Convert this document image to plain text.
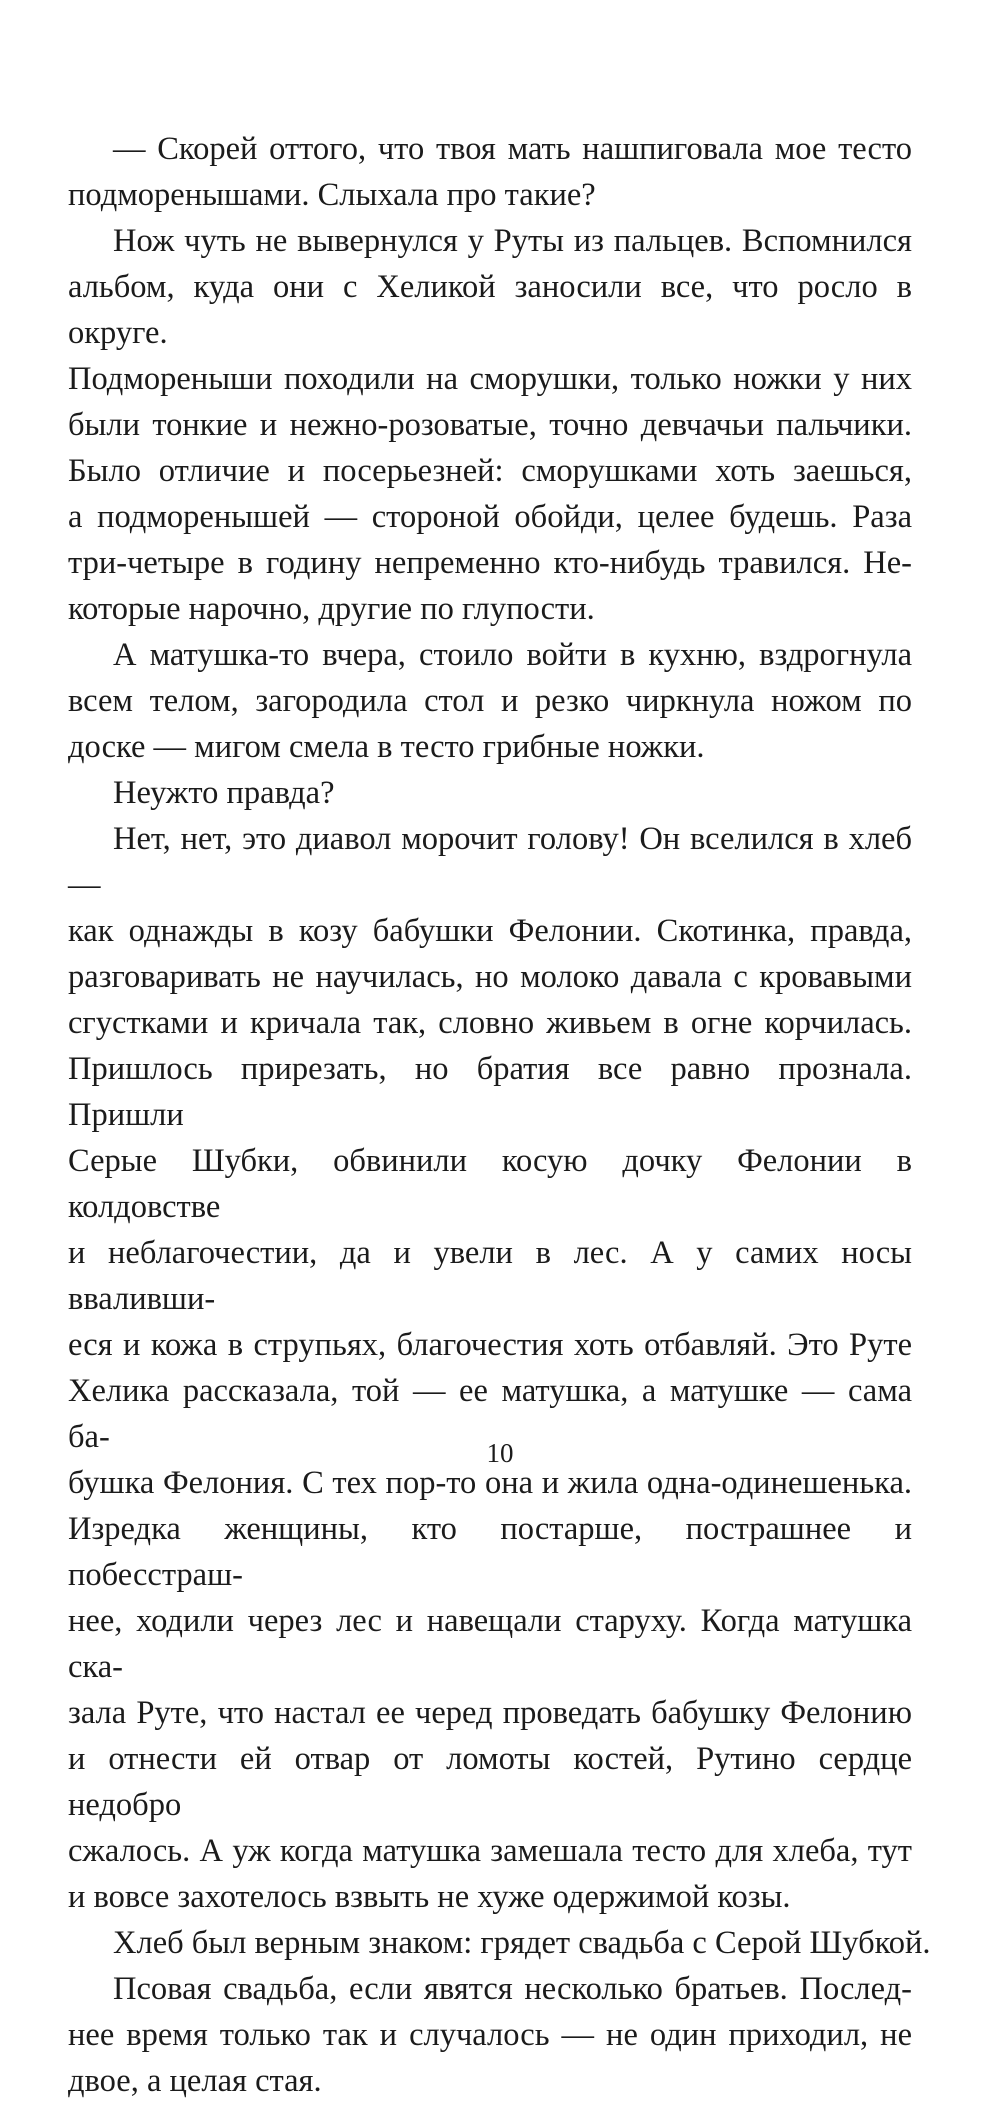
— Скорей оттого, что твоя мать нашпиговала мое тесто
подморенышами. Слыхала про такие?
Нож чуть не вывернулся у Руты из пальцев. Вспомнился
альбом, куда они с Хеликой заносили все, что росло в округе.
Подмореныши походили на сморушки, только ножки у них
были тонкие и нежно-розоватые, точно девчачьи пальчики.
Было отличие и посерьезней: сморушками хоть заешься,
а подморенышей — стороной обойди, целее будешь. Раза
три-четыре в годину непременно кто-нибудь травился. Не-
которые нарочно, другие по глупости.
А матушка-то вчера, стоило войти в кухню, вздрогнула
всем телом, загородила стол и резко чиркнула ножом по
доске — мигом смела в тесто грибные ножки.
Неужто правда?
Нет, нет, это диавол морочит голову! Он вселился в хлеб —
как однажды в козу бабушки Фелонии. Скотинка, правда,
разговаривать не научилась, но молоко давала с кровавыми
сгустками и кричала так, словно живьем в огне корчилась.
Пришлось прирезать, но братия все равно прознала. Пришли
Серые Шубки, обвинили косую дочку Фелонии в колдовстве
и неблагочестии, да и увели в лес. А у самих носы вваливши-
еся и кожа в струпьях, благочестия хоть отбавляй. Это Руте
Хелика рассказала, той — ее матушка, а матушке — сама ба-
бушка Фелония. С тех пор-то она и жила одна-одинешенька.
Изредка женщины, кто постарше, пострашнее и побесстраш-
нее, ходили через лес и навещали старуху. Когда матушка ска-
зала Руте, что настал ее черед проведать бабушку Фелонию
и отнести ей отвар от ломоты костей, Рутино сердце недобро
сжалось. А уж когда матушка замешала тесто для хлеба, тут
и вовсе захотелось взвыть не хуже одержимой козы.
Хлеб был верным знаком: грядет свадьба с Серой Шубкой.
Псовая свадьба, если явятся несколько братьев. Послед-
нее время только так и случалось — не один приходил, не
двое, а целая стая.
10
